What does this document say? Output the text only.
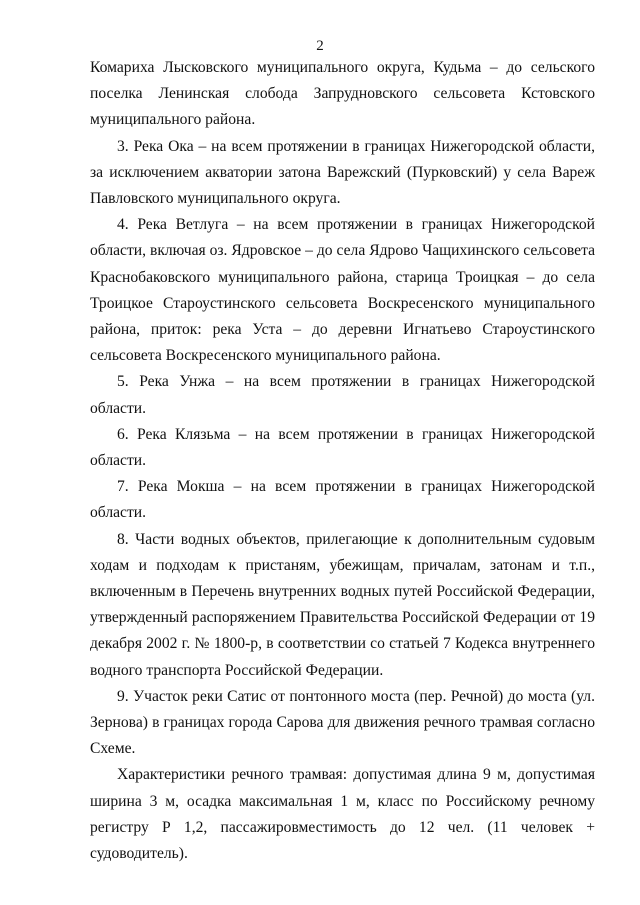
2

Комариха Лысковского муниципального округа, Кудьма – до сельского поселка Ленинская слобода Запрудновского сельсовета Кстовского муниципального района.

3. Река Ока – на всем протяжении в границах Нижегородской области, за исключением акватории затона Варежский (Пурковский) у села Вареж Павловского муниципального округа.

4. Река Ветлуга – на всем протяжении в границах Нижегородской области, включая оз. Ядровское – до села Ядрово Чащихинского сельсовета Краснобаковского муниципального района, старица Троицкая – до села Троицкое Староустинского сельсовета Воскресенского муниципального района, приток: река Уста – до деревни Игнатьево Староустинского сельсовета Воскресенского муниципального района.

5. Река Унжа – на всем протяжении в границах Нижегородской области.

6. Река Клязьма – на всем протяжении в границах Нижегородской области.

7. Река Мокша – на всем протяжении в границах Нижегородской области.

8. Части водных объектов, прилегающие к дополнительным судовым ходам и подходам к пристаням, убежищам, причалам, затонам и т.п., включенным в Перечень внутренних водных путей Российской Федерации, утвержденный распоряжением Правительства Российской Федерации от 19 декабря 2002 г. № 1800-р, в соответствии со статьей 7 Кодекса внутреннего водного транспорта Российской Федерации.

9. Участок реки Сатис от понтонного моста (пер. Речной) до моста (ул. Зернова) в границах города Сарова для движения речного трамвая согласно Схеме.

Характеристики речного трамвая: допустимая длина 9 м, допустимая ширина 3 м, осадка максимальная 1 м, класс по Российскому речному регистру Р 1,2, пассажировместимость до 12 чел. (11 человек + судоводитель).
